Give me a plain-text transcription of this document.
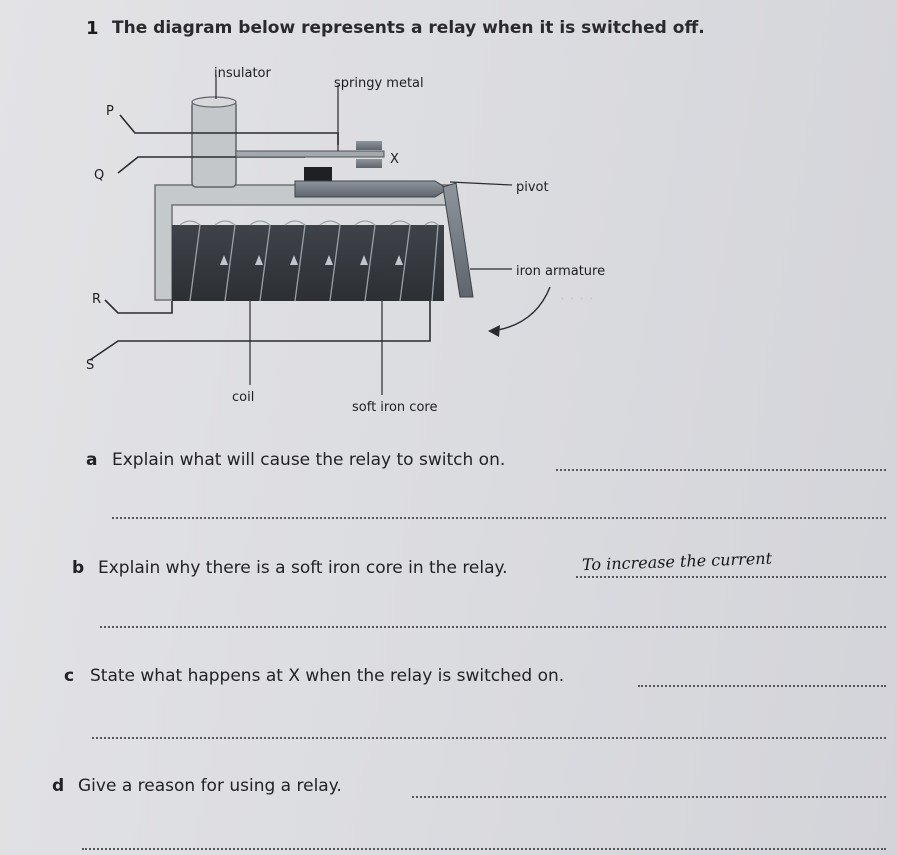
· · · ·
1 The diagram below represents a relay when it is switched off.
insulator
springy metal
X
P
Q
pivot
iron armature
R
S
coil
soft iron core
a Explain what will cause the relay to switch on.
b Explain why there is a soft iron core in the relay.	To increase the current
c State what happens at X when the relay is switched on.
d Give a reason for using a relay.
